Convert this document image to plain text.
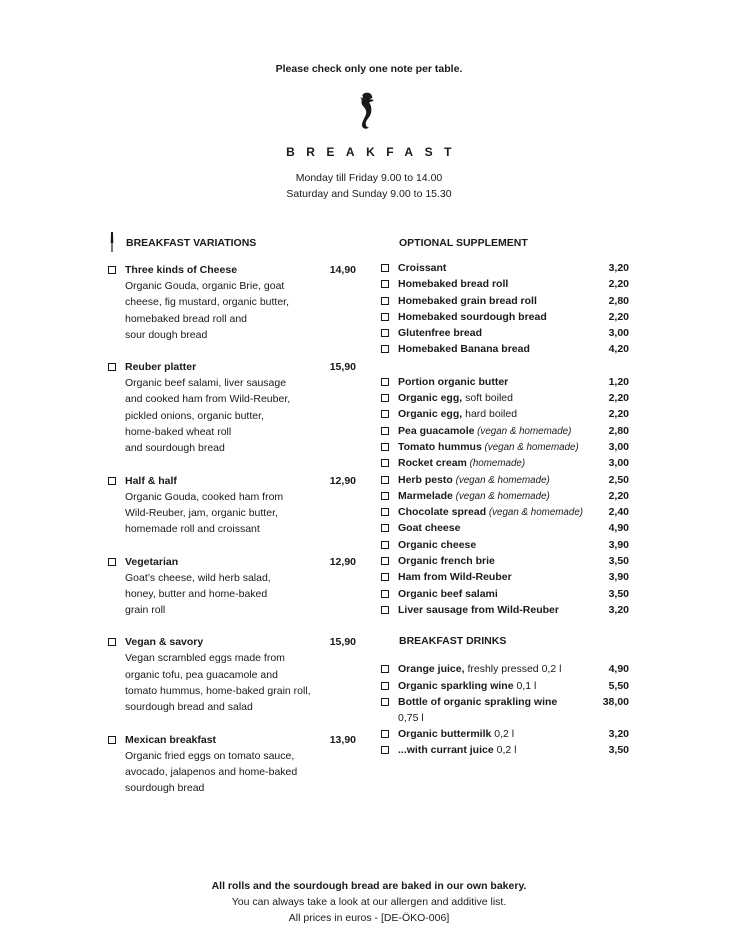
Please check only one note per table.
BREAKFAST
Monday till Friday 9.00 to 14.00
Saturday and Sunday 9.00 to 15.30
BREAKFAST VARIATIONS
Three kinds of Cheese	14,90
Organic Gouda, organic Brie, goat
cheese, fig mustard, organic butter,
homebaked bread roll and
sour dough bread
Reuber platter	15,90
Organic beef salami, liver sausage
and cooked ham from Wild-Reuber,
pickled onions, organic butter,
home-baked wheat roll
and sourdough bread
Half & half	12,90
Organic Gouda, cooked ham from
Wild-Reuber, jam, organic butter,
homemade roll and croissant
Vegetarian	12,90
Goat’s cheese, wild herb salad,
honey, butter and home-baked
grain roll
Vegan & savory	15,90
Vegan scrambled eggs made from
organic tofu, pea guacamole and
tomato hummus, home-baked grain roll,
sourdough bread and salad
Mexican breakfast	13,90
Organic fried eggs on tomato sauce,
avocado, jalapenos and home-baked
sourdough bread
OPTIONAL SUPPLEMENT
Croissant	3,20
Homebaked bread roll	2,20
Homebaked grain bread roll	2,80
Homebaked sourdough bread	2,20
Glutenfree bread	3,00
Homebaked Banana bread	4,20
Portion organic butter	1,20
Organic egg, soft boiled	2,20
Organic egg, hard boiled	2,20
Pea guacamole (vegan & homemade)	2,80
Tomato hummus (vegan & homemade)	3,00
Rocket cream (homemade)	3,00
Herb pesto (vegan & homemade)	2,50
Marmelade (vegan & homemade)	2,20
Chocolate spread (vegan & homemade) 2,40
Goat cheese	4,90
Organic cheese	3,90
Organic french brie	3,50
Ham from Wild-Reuber	3,90
Organic beef salami	3,50
Liver sausage from Wild-Reuber	3,20
BREAKFAST DRINKS
Orange juice, freshly pressed 0,2 l	4,90
Organic sparkling wine 0,1 l	5,50
Bottle of organic sprakling wine	38,00
0,75 l
Organic buttermilk 0,2 l	3,20
...with currant juice 0,2 l	3,50
All rolls and the sourdough bread are baked in our own bakery.
You can always take a look at our allergen and additive list.
All prices in euros - [DE-ÖKO-006]
